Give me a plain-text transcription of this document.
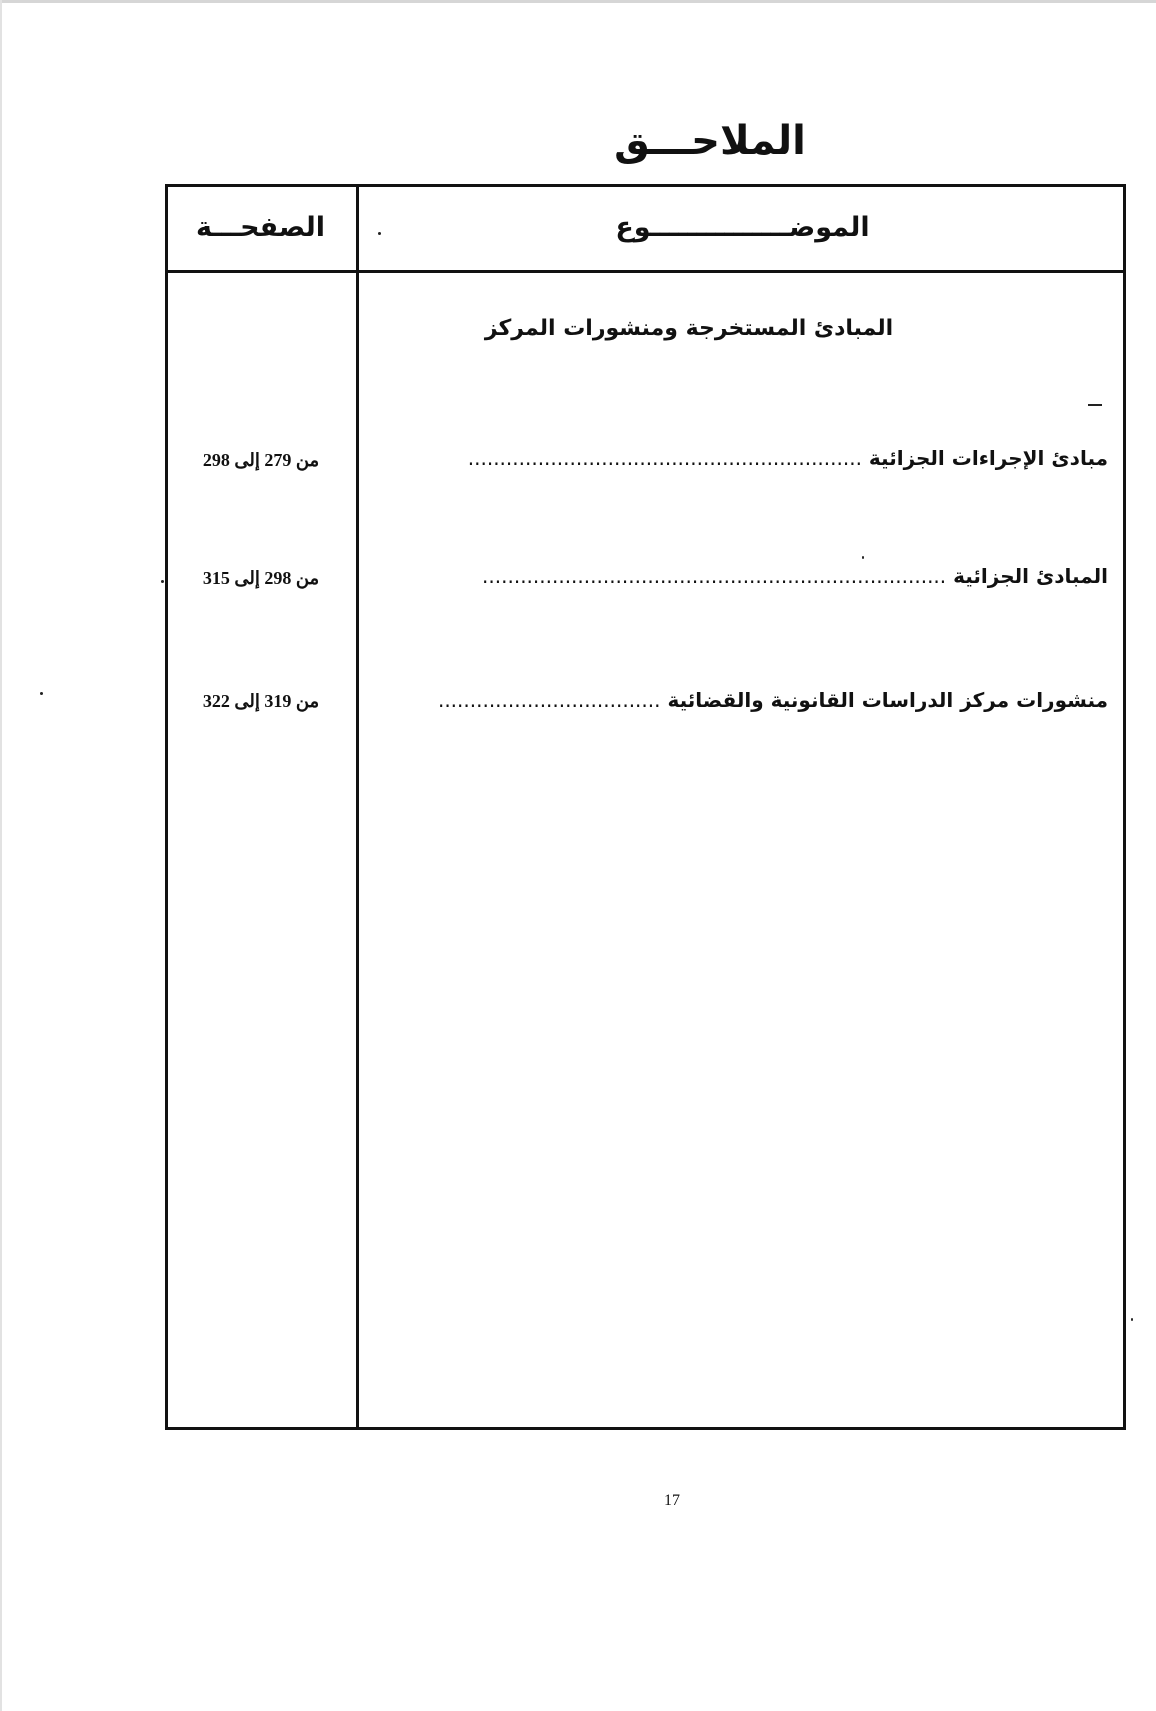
الملاحـــق
الموضـــــــــــــــوع
الصفحـــة
المبادئ المستخرجة ومنشورات المركز
مبادئ الإجراءات الجزائية ..............................................................
من 279 إلى 298
المبادئ الجزائية .........................................................................
من 298 إلى 315
منشورات مركز الدراسات القانونية والقضائية ...................................
من 319 إلى 322
17
